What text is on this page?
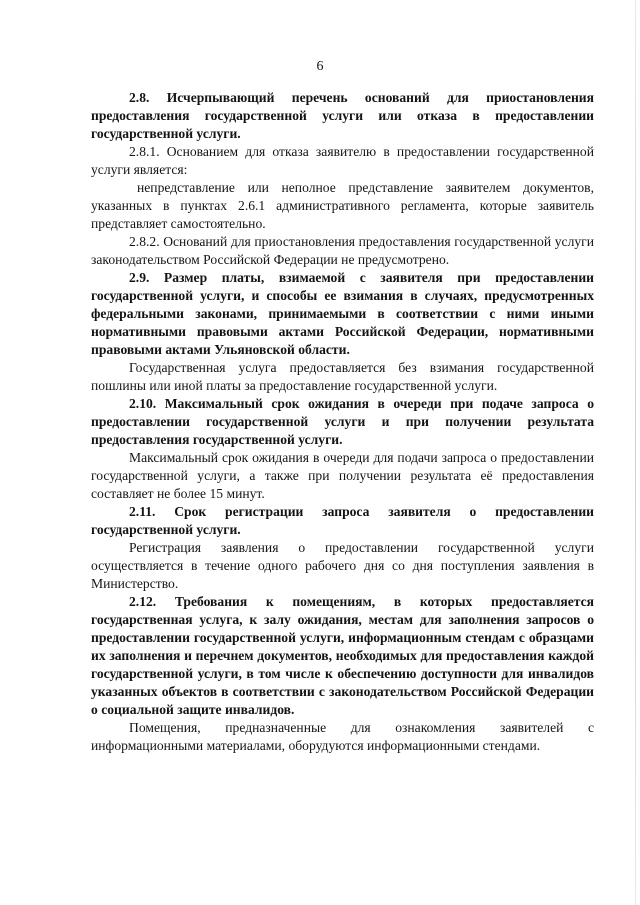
6

2.8. Исчерпывающий перечень оснований для приостановления предоставления государственной услуги или отказа в предоставлении государственной услуги.

2.8.1. Основанием для отказа заявителю в предоставлении государственной услуги является:

непредставление или неполное представление заявителем документов, указанных в пунктах 2.6.1 административного регламента, которые заявитель представляет самостоятельно.

2.8.2. Оснований для приостановления предоставления государственной услуги законодательством Российской Федерации не предусмотрено.

2.9. Размер платы, взимаемой с заявителя при предоставлении государственной услуги, и способы ее взимания в случаях, предусмотренных федеральными законами, принимаемыми в соответствии с ними иными нормативными правовыми актами Российской Федерации, нормативными правовыми актами Ульяновской области.

Государственная услуга предоставляется без взимания государственной пошлины или иной платы за предоставление государственной услуги.

2.10. Максимальный срок ожидания в очереди при подаче запроса о предоставлении государственной услуги и при получении результата предоставления государственной услуги.

Максимальный срок ожидания в очереди для подачи запроса о предоставлении государственной услуги, а также при получении результата её предоставления составляет не более 15 минут.

2.11. Срок регистрации запроса заявителя о предоставлении государственной услуги.

Регистрация заявления о предоставлении государственной услуги осуществляется в течение одного рабочего дня со дня поступления заявления в Министерство.

2.12. Требования к помещениям, в которых предоставляется государственная услуга, к залу ожидания, местам для заполнения запросов о предоставлении государственной услуги, информационным стендам с образцами их заполнения и перечнем документов, необходимых для предоставления каждой государственной услуги, в том числе к обеспечению доступности для инвалидов указанных объектов в соответствии с законодательством Российской Федерации о социальной защите инвалидов.

Помещения, предназначенные для ознакомления заявителей с информационными материалами, оборудуются информационными стендами.
